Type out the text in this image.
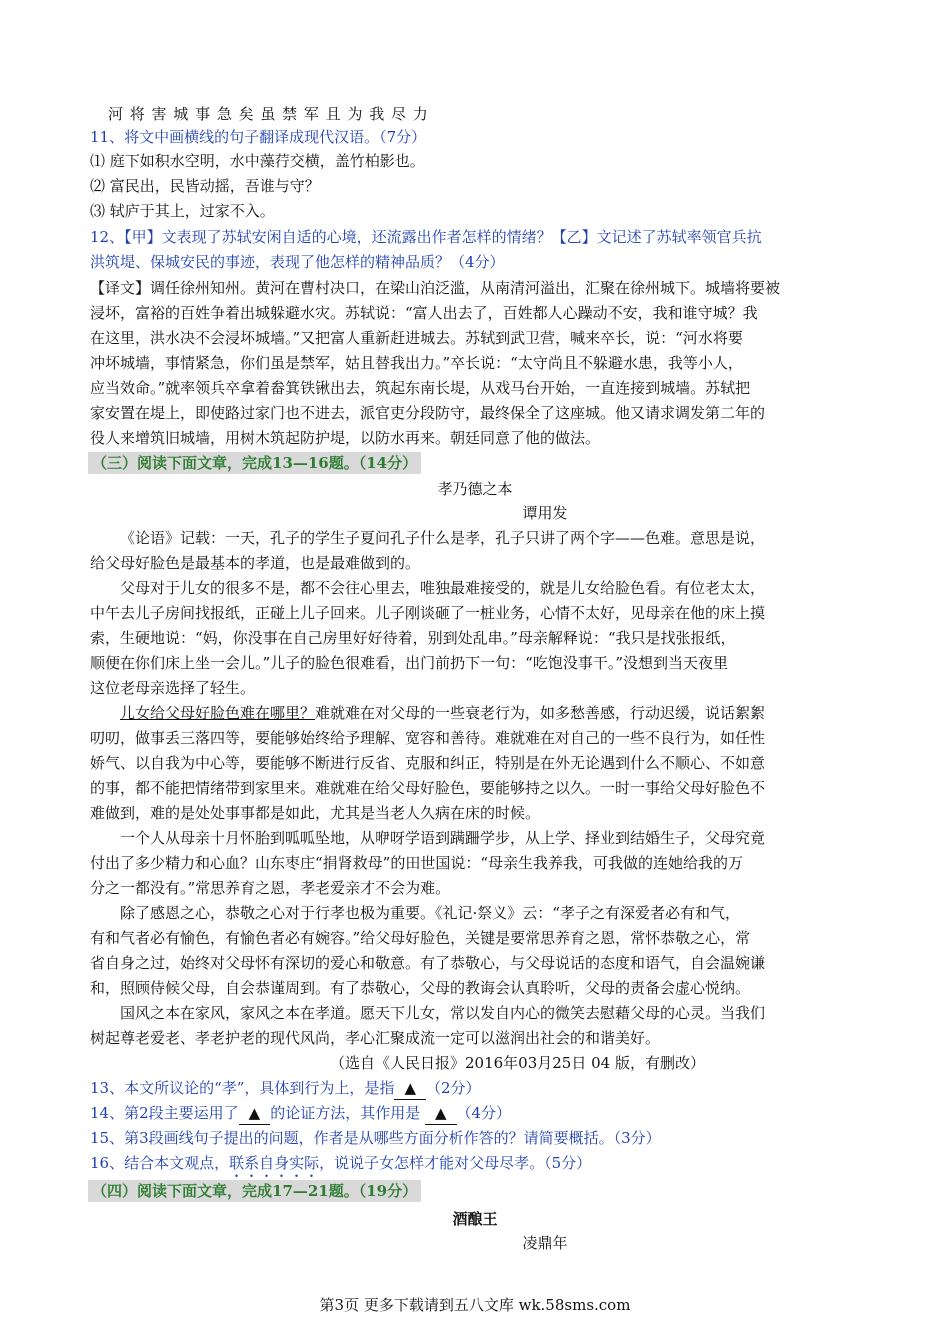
河 将 害 城 事 急 矣 虽 禁 军 且 为 我 尽 力
11、将文中画横线的句子翻译成现代汉语。（7分）
⑴ 庭下如积水空明，水中藻荇交横，盖竹柏影也。
⑵ 富民出，民皆动摇，吾谁与守？
⑶ 轼庐于其上，过家不入。
12、【甲】文表现了苏轼安闲自适的心境，还流露出作者怎样的情绪？【乙】文记述了苏轼率领官兵抗
洪筑堤、保城安民的事迹，表现了他怎样的精神品质？（4分）
【译文】调任徐州知州。黄河在曹村决口，在梁山泊泛滥，从南清河溢出，汇聚在徐州城下。城墙将要被
浸坏，富裕的百姓争着出城躲避水灾。苏轼说：“富人出去了，百姓都人心躁动不安，我和谁守城？我
在这里，洪水决不会浸坏城墙。”又把富人重新赶进城去。苏轼到武卫营，喊来卒长，说：“河水将要
冲坏城墙，事情紧急，你们虽是禁军，姑且替我出力。”卒长说：“太守尚且不躲避水患，我等小人，
应当效命。”就率领兵卒拿着畚箕铁锹出去，筑起东南长堤，从戏马台开始，一直连接到城墙。苏轼把
家安置在堤上，即使路过家门也不进去，派官吏分段防守，最终保全了这座城。他又请求调发第二年的
役人来增筑旧城墙，用树木筑起防护堤，以防水再来。朝廷同意了他的做法。
（三）阅读下面文章，完成13—16题。（14分）
孝乃德之本
谭用发
《论语》记载：一天，孔子的学生子夏问孔子什么是孝，孔子只讲了两个字——色难。意思是说，
给父母好脸色是最基本的孝道，也是最难做到的。
父母对于儿女的很多不是，都不会往心里去，唯独最难接受的，就是儿女给脸色看。有位老太太，
中午去儿子房间找报纸，正碰上儿子回来。儿子刚谈砸了一桩业务，心情不太好，见母亲在他的床上摸
索，生硬地说：“妈，你没事在自己房里好好待着，别到处乱串。”母亲解释说：“我只是找张报纸，
顺便在你们床上坐一会儿。”儿子的脸色很难看，出门前扔下一句：“吃饱没事干。”没想到当天夜里
这位老母亲选择了轻生。
儿女给父母好脸色难在哪里？难就难在对父母的一些衰老行为，如多愁善感，行动迟缓，说话絮絮
叨叨，做事丢三落四等，要能够始终给予理解、宽容和善待。难就难在对自己的一些不良行为，如任性
娇气、以自我为中心等，要能够不断进行反省、克服和纠正，特别是在外无论遇到什么不顺心、不如意
的事，都不能把情绪带到家里来。难就难在给父母好脸色，要能够持之以久。一时一事给父母好脸色不
难做到，难的是处处事事都是如此，尤其是当老人久病在床的时候。
一个人从母亲十月怀胎到呱呱坠地，从咿呀学语到蹒跚学步，从上学、择业到结婚生子，父母究竟
付出了多少精力和心血？山东枣庄“捐肾救母”的田世国说：“母亲生我养我，可我做的连她给我的万
分之一都没有。”常思养育之恩，孝老爱亲才不会为难。
除了感恩之心，恭敬之心对于行孝也极为重要。《礼记·祭义》云：“孝子之有深爱者必有和气，
有和气者必有愉色，有愉色者必有婉容。”给父母好脸色，关键是要常思养育之恩，常怀恭敬之心，常
省自身之过，始终对父母怀有深切的爱心和敬意。有了恭敬心，与父母说话的态度和语气，自会温婉谦
和，照顾侍候父母，自会恭谨周到。有了恭敬心，父母的教诲会认真聆听，父母的责备会虚心悦纳。
国风之本在家风，家风之本在孝道。愿天下儿女，常以发自内心的微笑去慰藉父母的心灵。当我们
树起尊老爱老、孝老护老的现代风尚，孝心汇聚成流一定可以滋润出社会的和谐美好。
（选自《人民日报》2016年03月25日 04 版，有删改）
13、本文所议论的“孝”，具体到行为上，是指 ▲ （2分）
14、第2段主要运用了 ▲ 的论证方法，其作用是 ▲ （4分）
15、第3段画线句子提出的问题，作者是从哪些方面分析作答的？请简要概括。（3分）
16、结合本文观点，联系自身实际，说说子女怎样才能对父母尽孝。（5分）
（四）阅读下面文章，完成17—21题。（19分）
酒酿王
凌鼎年
第3页 更多下载请到五八文库 wk.58sms.com
